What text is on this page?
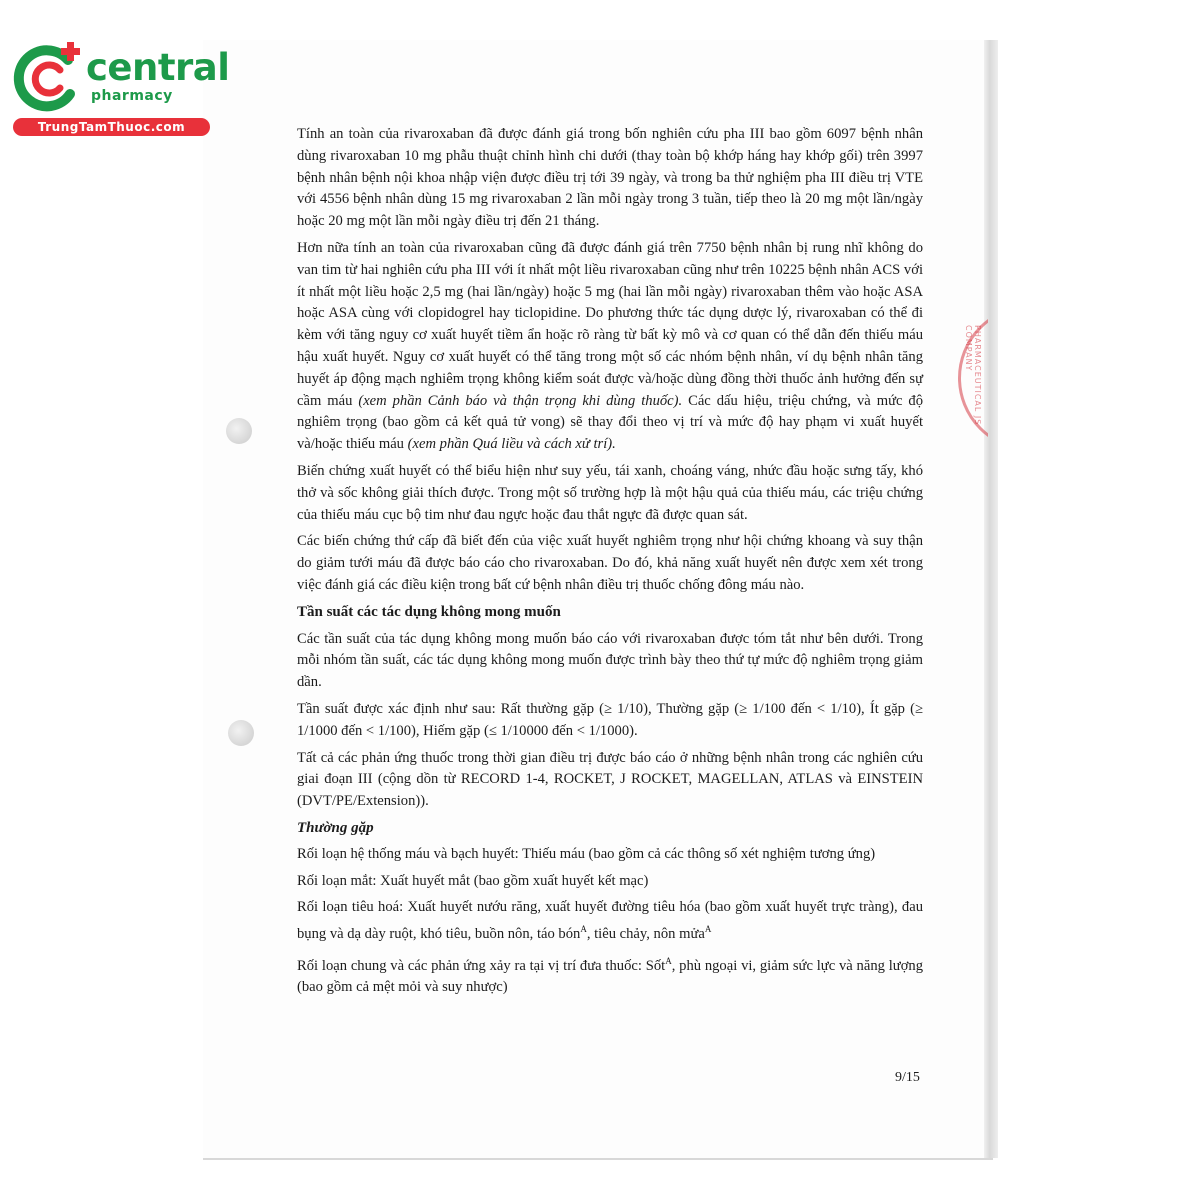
PHARMACEUTICAL JS COMPANY
central
pharmacy
TrungTamThuoc.com	Tính an toàn của rivaroxaban đã được đánh giá trong bốn nghiên cứu pha III bao gồm 6097 bệnh nhân dùng rivaroxaban 10 mg phẫu thuật chỉnh hình chi dưới (thay toàn bộ khớp háng hay khớp gối) trên 3997 bệnh nhân bệnh nội khoa nhập viện được điều trị tới 39 ngày, và trong ba thử nghiệm pha III điều trị VTE với 4556 bệnh nhân dùng 15 mg rivaroxaban 2 lần mỗi ngày trong 3 tuần, tiếp theo là 20 mg một lần/ngày hoặc 20 mg một lần mỗi ngày điều trị đến 21 tháng.

Hơn nữa tính an toàn của rivaroxaban cũng đã được đánh giá trên 7750 bệnh nhân bị rung nhĩ không do van tim từ hai nghiên cứu pha III với ít nhất một liều rivaroxaban cũng như trên 10225 bệnh nhân ACS với ít nhất một liều hoặc 2,5 mg (hai lần/ngày) hoặc 5 mg (hai lần mỗi ngày) rivaroxaban thêm vào hoặc ASA hoặc ASA cùng với clopidogrel hay ticlopidine. Do phương thức tác dụng dược lý, rivaroxaban có thể đi kèm với tăng nguy cơ xuất huyết tiềm ẩn hoặc rõ ràng từ bất kỳ mô và cơ quan có thể dẫn đến thiếu máu hậu xuất huyết. Nguy cơ xuất huyết có thể tăng trong một số các nhóm bệnh nhân, ví dụ bệnh nhân tăng huyết áp động mạch nghiêm trọng không kiểm soát được và/hoặc dùng đồng thời thuốc ảnh hưởng đến sự cầm máu (xem phần Cảnh báo và thận trọng khi dùng thuốc). Các dấu hiệu, triệu chứng, và mức độ nghiêm trọng (bao gồm cả kết quả tử vong) sẽ thay đổi theo vị trí và mức độ hay phạm vi xuất huyết và/hoặc thiếu máu (xem phần Quá liều và cách xử trí).

Biến chứng xuất huyết có thể biểu hiện như suy yếu, tái xanh, choáng váng, nhức đầu hoặc sưng tấy, khó thở và sốc không giải thích được. Trong một số trường hợp là một hậu quả của thiếu máu, các triệu chứng của thiếu máu cục bộ tim như đau ngực hoặc đau thắt ngực đã được quan sát.

Các biến chứng thứ cấp đã biết đến của việc xuất huyết nghiêm trọng như hội chứng khoang và suy thận do giảm tưới máu đã được báo cáo cho rivaroxaban. Do đó, khả năng xuất huyết nên được xem xét trong việc đánh giá các điều kiện trong bất cứ bệnh nhân điều trị thuốc chống đông máu nào.

Tần suất các tác dụng không mong muốn

Các tần suất của tác dụng không mong muốn báo cáo với rivaroxaban được tóm tắt như bên dưới. Trong mỗi nhóm tần suất, các tác dụng không mong muốn được trình bày theo thứ tự mức độ nghiêm trọng giảm dần.

Tần suất được xác định như sau: Rất thường gặp (≥ 1/10), Thường gặp (≥ 1/100 đến < 1/10), Ít gặp (≥ 1/1000 đến < 1/100), Hiếm gặp (≤ 1/10000 đến < 1/1000).

Tất cả các phản ứng thuốc trong thời gian điều trị được báo cáo ở những bệnh nhân trong các nghiên cứu giai đoạn III (cộng dồn từ RECORD 1-4, ROCKET, J ROCKET, MAGELLAN, ATLAS và EINSTEIN (DVT/PE/Extension)).

Thường gặp

Rối loạn hệ thống máu và bạch huyết: Thiếu máu (bao gồm cả các thông số xét nghiệm tương ứng)

Rối loạn mắt: Xuất huyết mắt (bao gồm xuất huyết kết mạc)

Rối loạn tiêu hoá: Xuất huyết nướu răng, xuất huyết đường tiêu hóa (bao gồm xuất huyết trực tràng), đau bụng và dạ dày ruột, khó tiêu, buồn nôn, táo bón$^A$, tiêu chảy, nôn mửa$^A$

Rối loạn chung và các phản ứng xảy ra tại vị trí đưa thuốc: Sốt$^A$, phù ngoại vi, giảm sức lực và năng lượng (bao gồm cả mệt mỏi và suy nhược)

9/15
